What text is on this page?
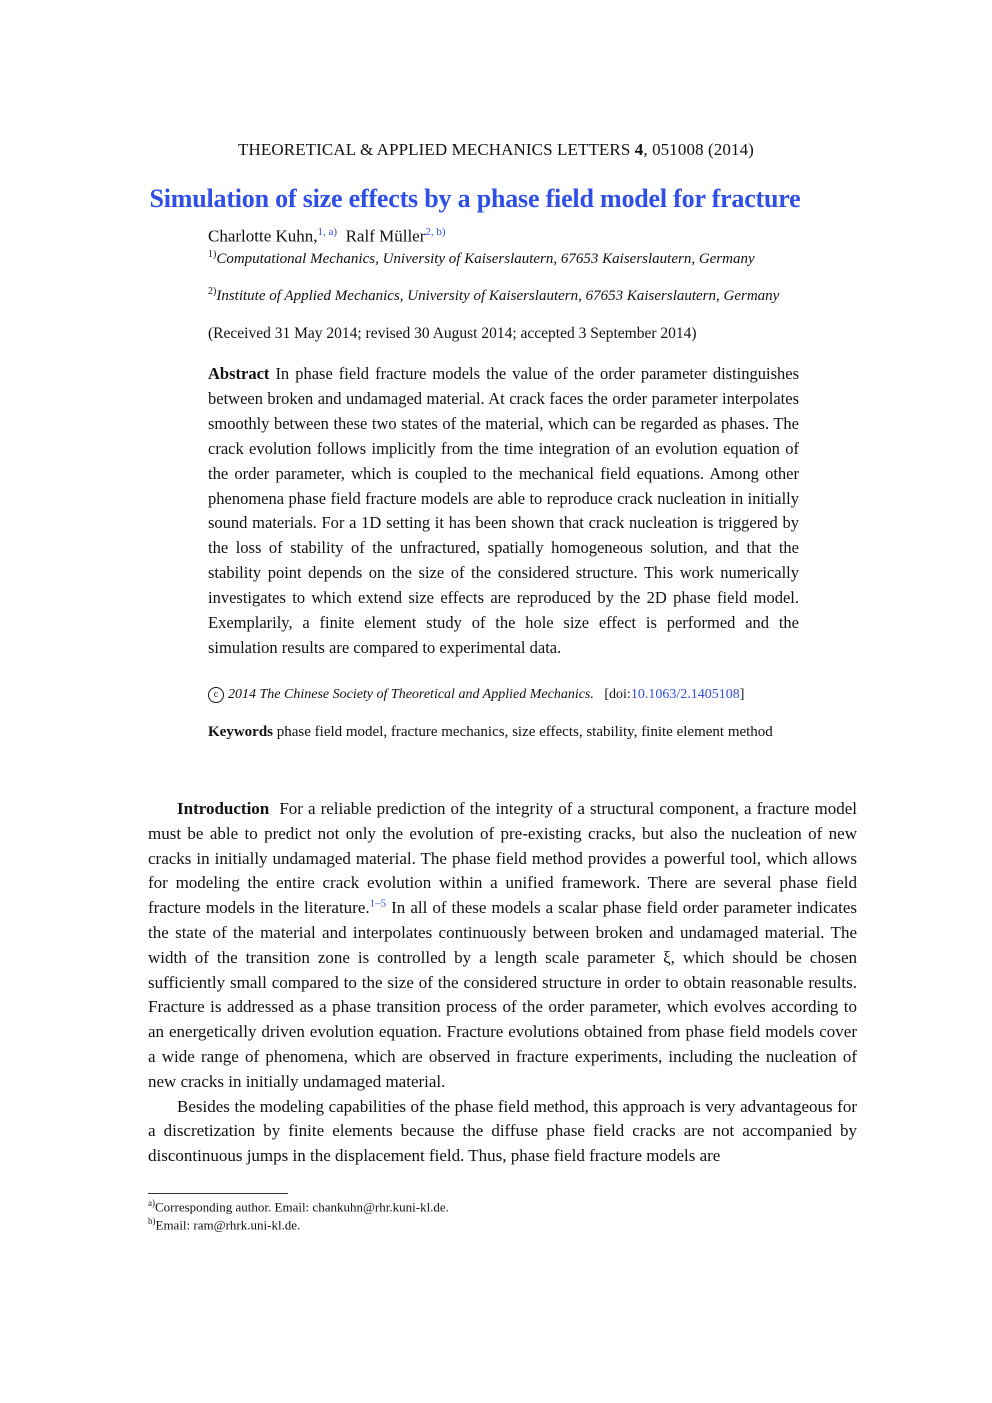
THEORETICAL & APPLIED MECHANICS LETTERS 4, 051008 (2014)
Simulation of size effects by a phase field model for fracture
Charlotte Kuhn,$^{1, a)}$ Ralf Müller$^{2, b)}$
$^{1)}$Computational Mechanics, University of Kaiserslautern, 67653 Kaiserslautern, Germany
$^{2)}$Institute of Applied Mechanics, University of Kaiserslautern, 67653 Kaiserslautern, Germany
(Received 31 May 2014; revised 30 August 2014; accepted 3 September 2014)
Abstract In phase field fracture models the value of the order parameter distinguishes between broken and undamaged material. At crack faces the order parameter interpolates smoothly between these two states of the material, which can be regarded as phases. The crack evolution follows implicitly from the time integration of an evolution equation of the order parameter, which is coupled to the mechanical field equations. Among other phenomena phase field fracture models are able to reproduce crack nucleation in initially sound materials. For a 1D setting it has been shown that crack nucleation is triggered by the loss of stability of the unfractured, spatially homogeneous solution, and that the stability point depends on the size of the considered structure. This work numerically investigates to which extend size effects are reproduced by the 2D phase field model. Exemplarily, a finite element study of the hole size effect is performed and the simulation results are compared to experimental data.
c 2014 The Chinese Society of Theoretical and Applied Mechanics. [doi:10.1063/2.1405108]
Keywords phase field model, fracture mechanics, size effects, stability, finite element method

Introduction For a reliable prediction of the integrity of a structural component, a fracture model must be able to predict not only the evolution of pre-existing cracks, but also the nucleation of new cracks in initially undamaged material. The phase field method provides a powerful tool, which allows for modeling the entire crack evolution within a unified framework. There are several phase field fracture models in the literature.$^{1-5}$ In all of these models a scalar phase field order parameter indicates the state of the material and interpolates continuously between broken and undamaged material. The width of the transition zone is controlled by a length scale parameter ξ, which should be chosen sufficiently small compared to the size of the considered structure in order to obtain reasonable results. Fracture is addressed as a phase transition process of the order parameter, which evolves according to an energetically driven evolution equation. Fracture evolutions obtained from phase field models cover a wide range of phenomena, which are observed in fracture experiments, including the nucleation of new cracks in initially undamaged material.

Besides the modeling capabilities of the phase field method, this approach is very advantageous for a discretization by finite elements because the diffuse phase field cracks are not accompanied by discontinuous jumps in the displacement field. Thus, phase field fracture models are

$^{a)}$Corresponding author. Email: chankuhn@rhr.kuni-kl.de.
$^{b)}$Email: ram@rhrk.uni-kl.de.
